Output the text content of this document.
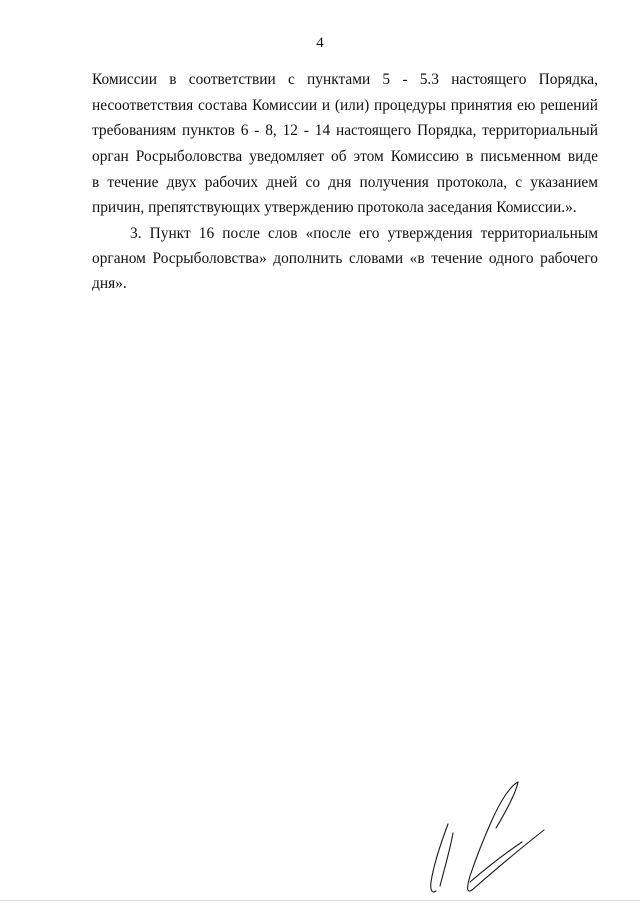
4
Комиссии в соответствии с пунктами 5 - 5.3 настоящего Порядка,
несоответствия состава Комиссии и (или) процедуры принятия ею решений
требованиям пунктов 6 - 8, 12 - 14 настоящего Порядка, территориальный
орган Росрыболовства уведомляет об этом Комиссию в письменном виде
в течение двух рабочих дней со дня получения протокола, с указанием
причин, препятствующих утверждению протокола заседания Комиссии.».
3. Пункт 16 после слов «после его утверждения территориальным
органом Росрыболовства» дополнить словами «в течение одного рабочего
дня».
